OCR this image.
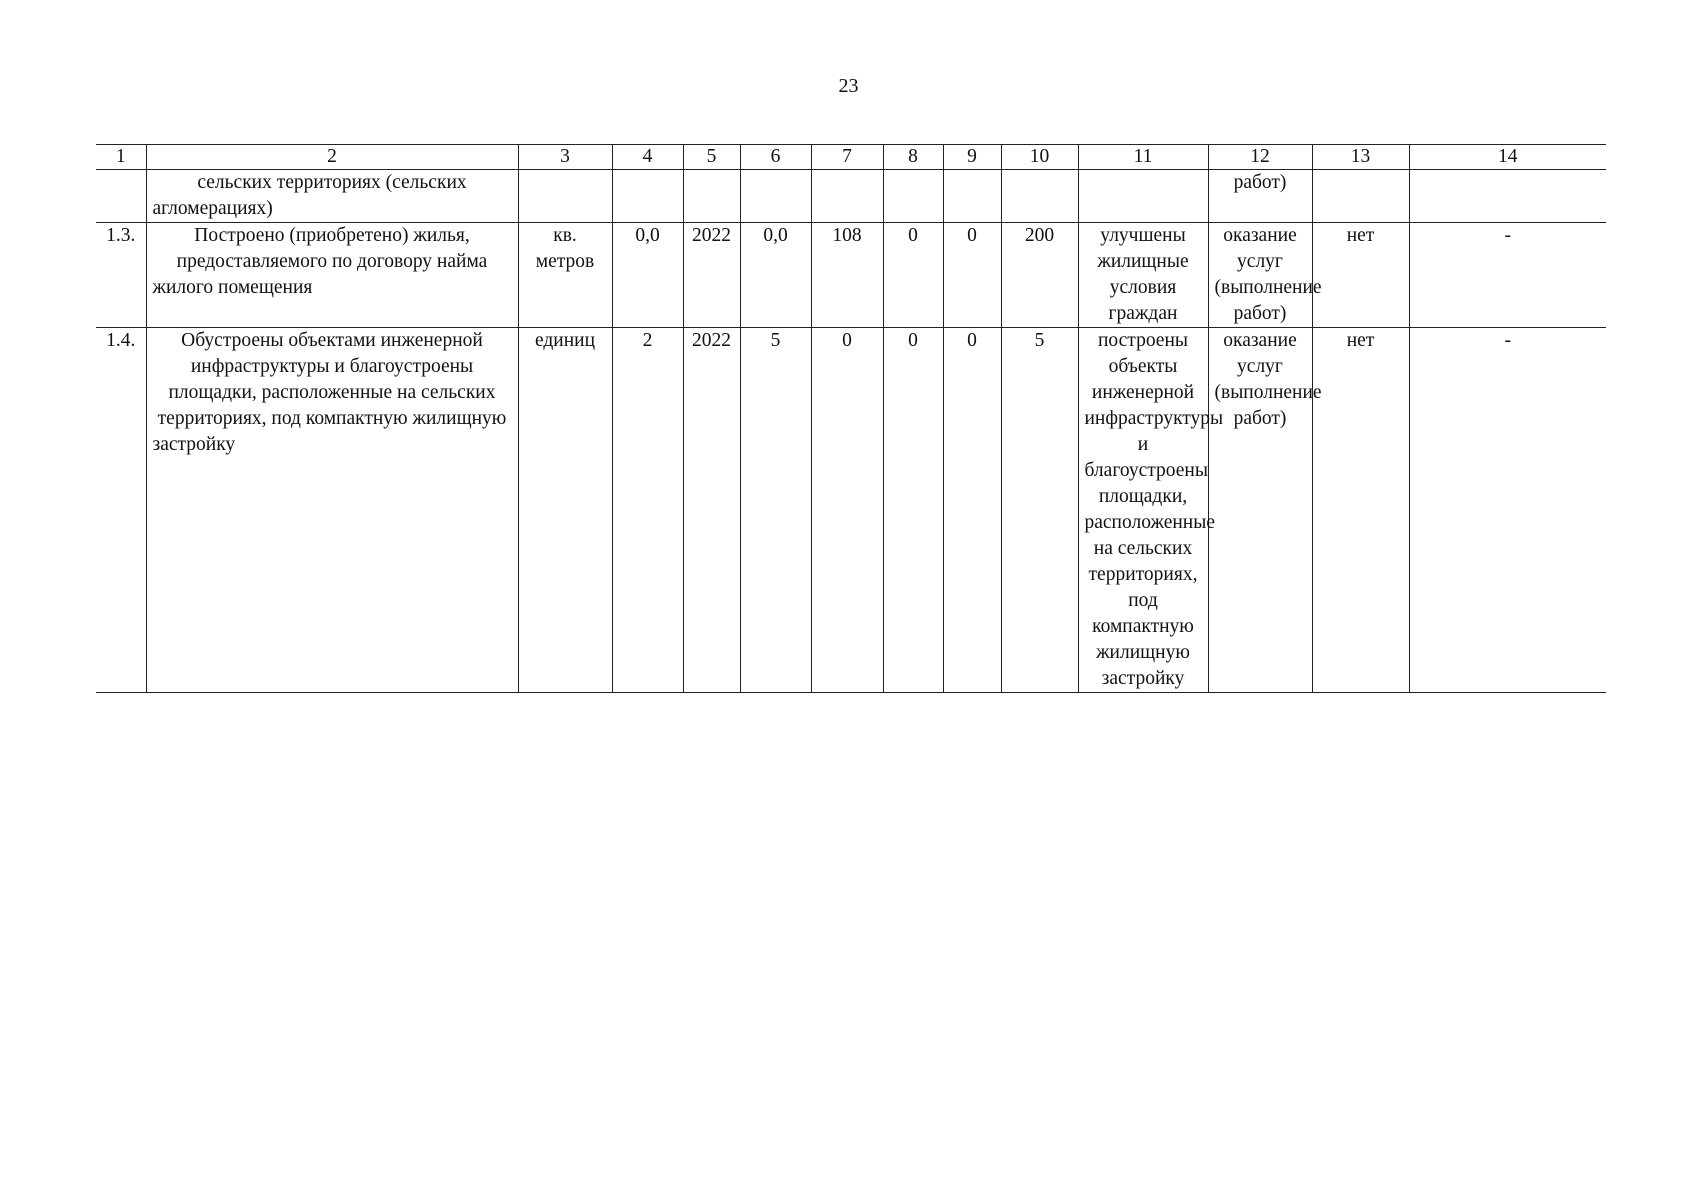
23
1	2	3	4	5	6	7	8	9	10	11	12	13	14
	сельских территориях (сельских агломерациях)										работ)		
1.3.	Построено (приобретено) жилья, предоставляемого по договору найма жилого помещения	кв. метров	0,0	2022	0,0	108	0	0	200	улучшены жилищные условия граждан	оказание услуг (выполнение работ)	нет	-
1.4.	Обустроены объектами инженерной инфраструктуры и благоустроены площадки, расположенные на сельских территориях, под компактную жилищную застройку	единиц	2	2022	5	0	0	0	5	построены объекты инженерной инфраструктуры и благоустроены площадки, расположенные на сельских территориях, под компактную жилищную застройку	оказание услуг (выполнение работ)	нет	-
